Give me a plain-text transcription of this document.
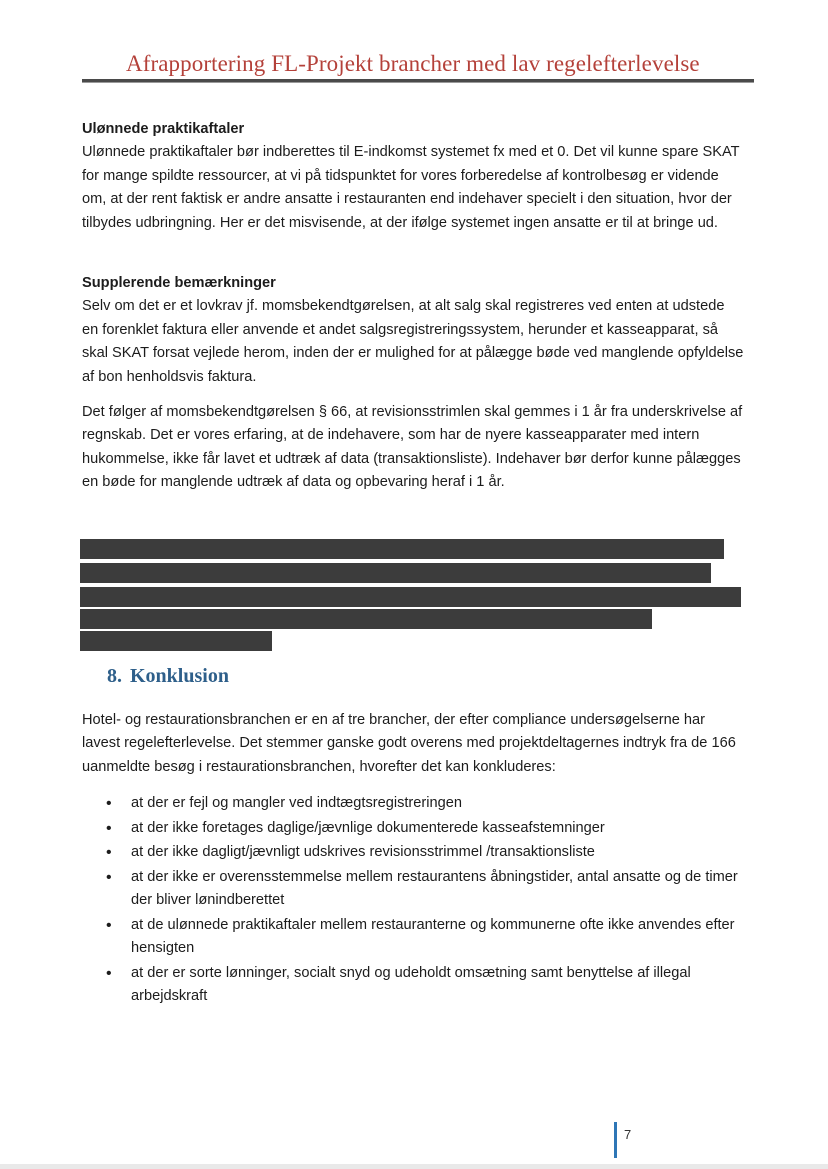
Afrapportering FL-Projekt brancher med lav regelefterlevelse
Ulønnede praktikaftaler

Ulønnede praktikaftaler bør indberettes til E-indkomst systemet fx med et 0. Det vil kunne spare SKAT for mange spildte ressourcer, at vi på tidspunktet for vores forberedelse af kontrolbesøg er vidende om, at der rent faktisk er andre ansatte i restauranten end indehaver specielt i den situation, hvor der tilbydes udbringning. Her er det misvisende, at der ifølge systemet ingen ansatte er til at bringe ud.

Supplerende bemærkninger

Selv om det er et lovkrav jf. momsbekendtgørelsen, at alt salg skal registreres ved enten at udstede en forenklet faktura eller anvende et andet salgsregistreringssystem, herunder et kasseapparat, så skal SKAT forsat vejlede herom, inden der er mulighed for at pålægge bøde ved manglende opfyldelse af bon henholdsvis faktura.

Det følger af momsbekendtgørelsen § 66, at revisionsstrimlen skal gemmes i 1 år fra underskrivelse af regnskab. Det er vores erfaring, at de indehavere, som har de nyere kasseapparater med intern hukommelse, ikke får lavet et udtræk af data (transaktionsliste). Indehaver bør derfor kunne pålægges en bøde for manglende udtræk af data og opbevaring heraf i 1 år.

8. Konklusion

Hotel- og restaurationsbranchen er en af tre brancher, der efter compliance undersøgelserne har lavest regelefterlevelse. Det stemmer ganske godt overens med projektdeltagernes indtryk fra de 166 uanmeldte besøg i restaurationsbranchen, hvorefter det kan konkluderes:

• at der er fejl og mangler ved indtægtsregistreringen
• at der ikke foretages daglige/jævnlige dokumenterede kasseafstemninger
• at der ikke dagligt/jævnligt udskrives revisionsstrimmel /transaktionsliste
• at der ikke er overensstemmelse mellem restaurantens åbningstider, antal ansatte og de timer der bliver lønindberettet
• at de ulønnede praktikaftaler mellem restauranterne og kommunerne ofte ikke anvendes efter hensigten
• at der er sorte lønninger, socialt snyd og udeholdt omsætning samt benyttelse af illegal arbejdskraft
7
